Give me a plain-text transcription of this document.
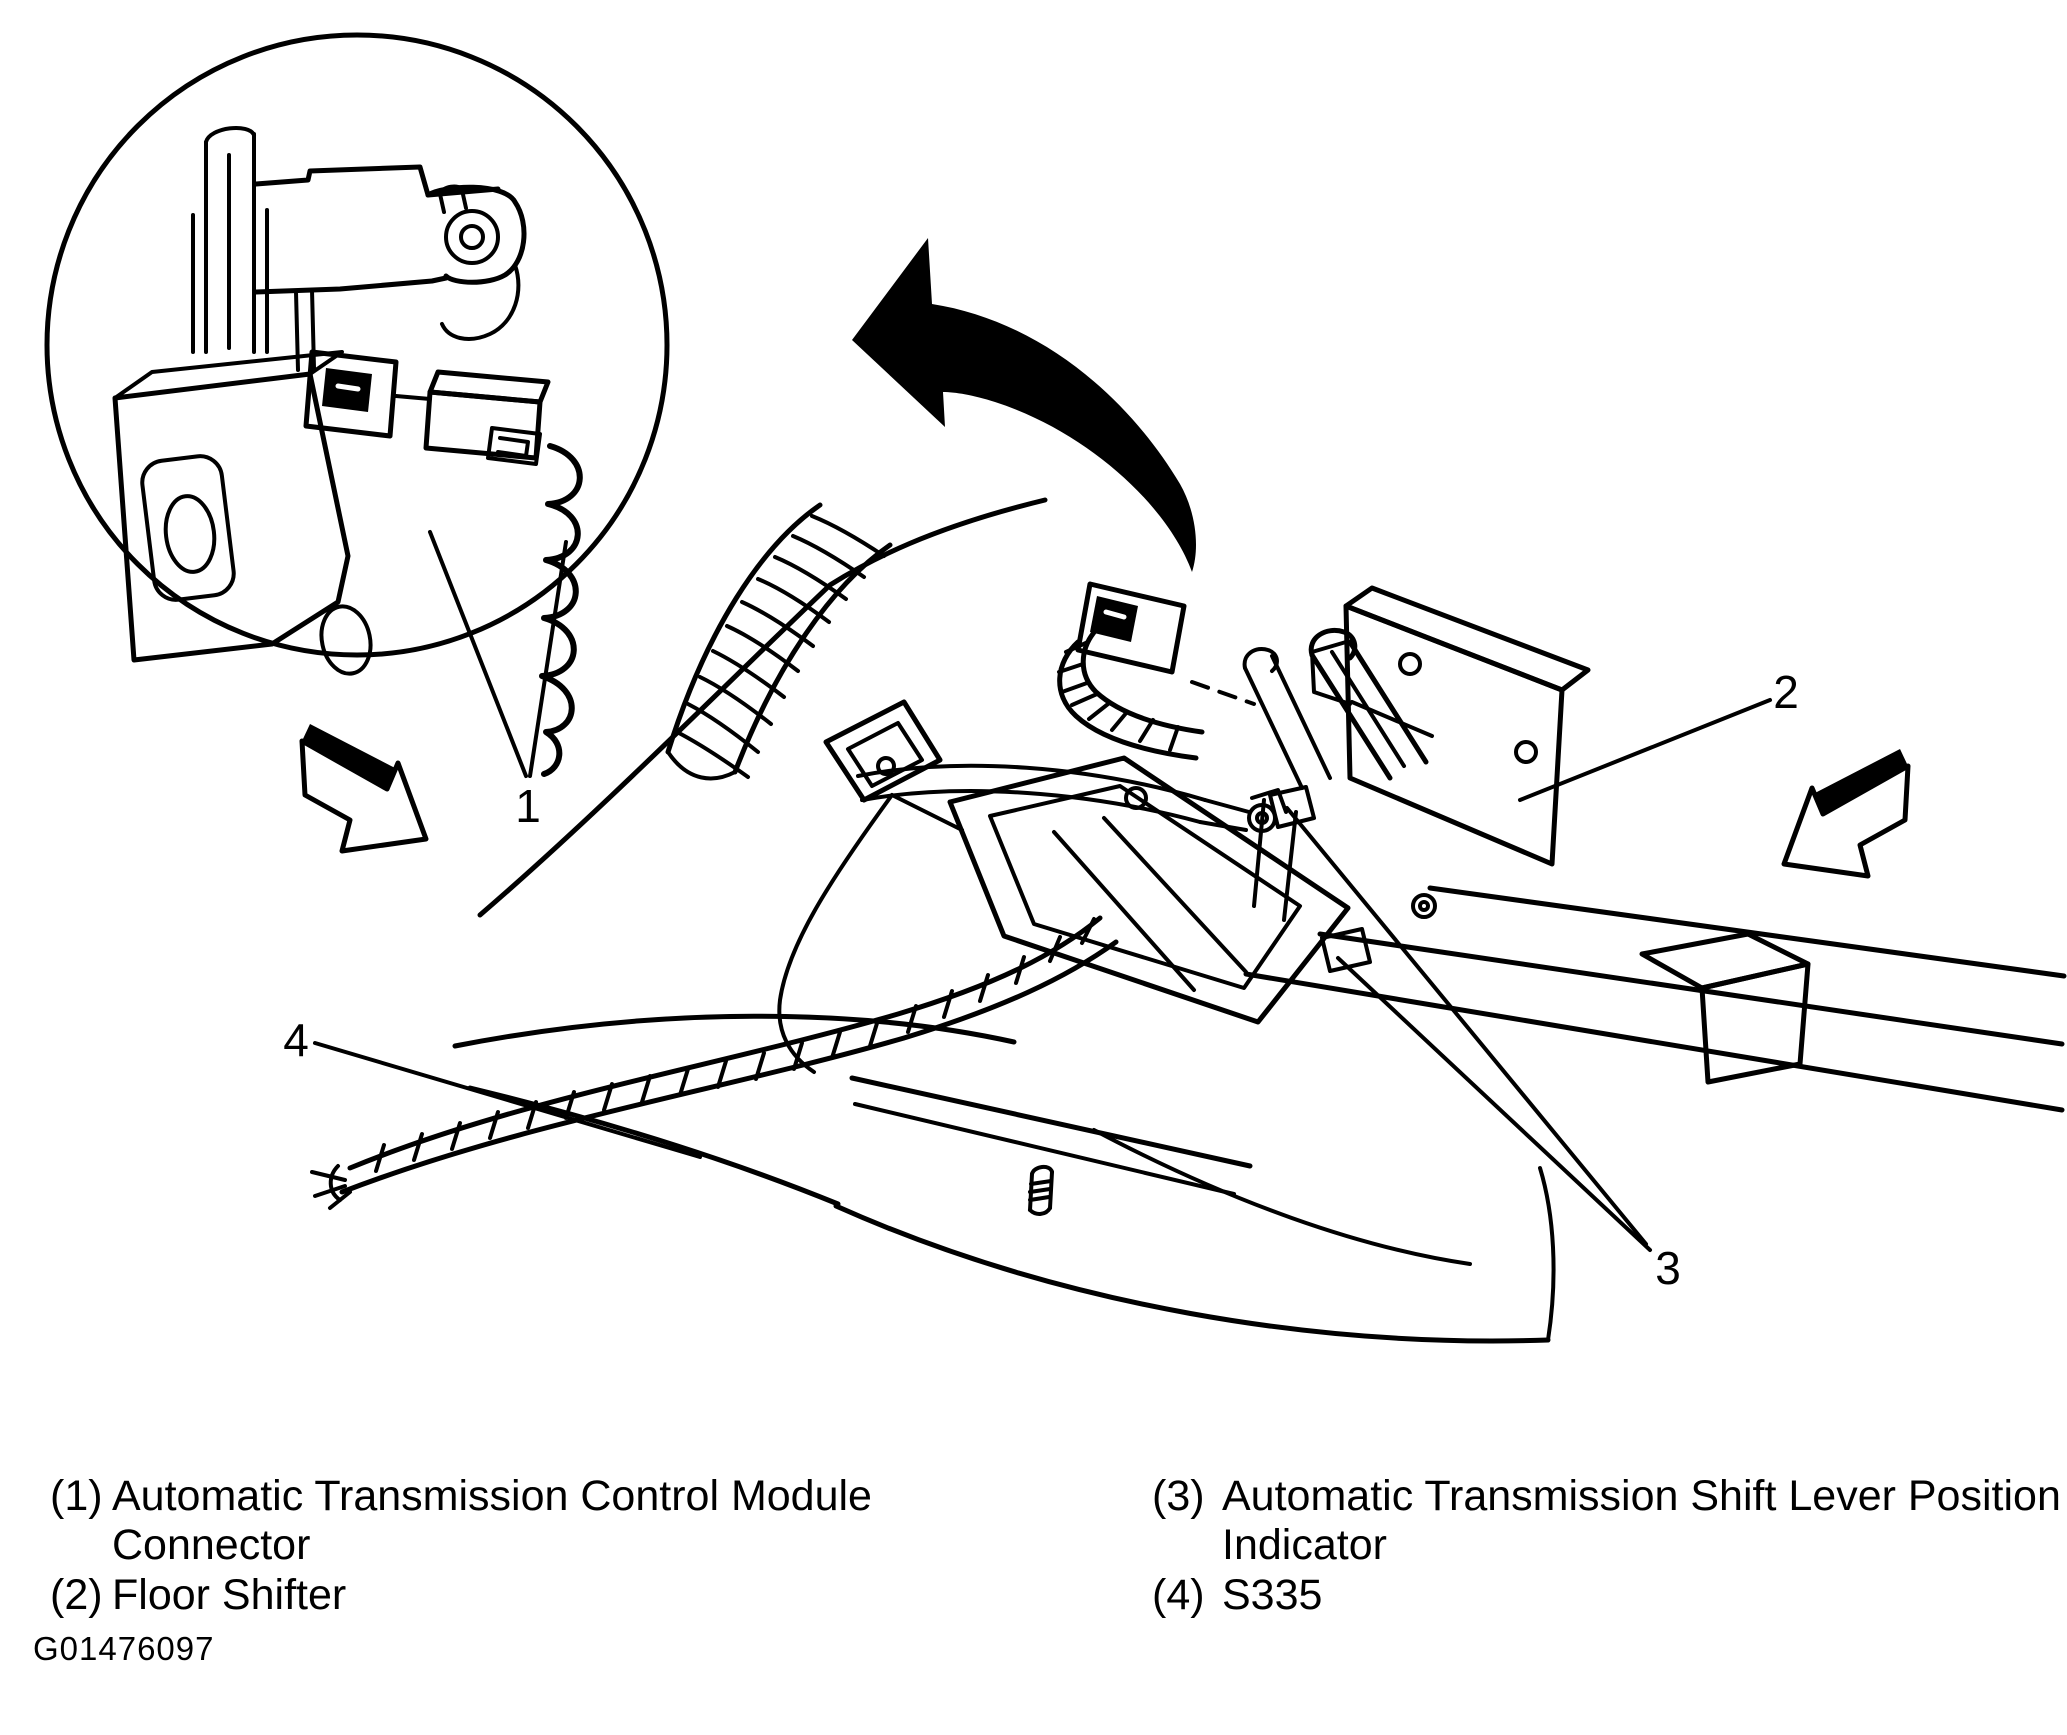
1
2
3
4
(1) Automatic Transmission Control Module
Connector
(2) Floor Shifter
(3) Automatic Transmission Shift Lever Position
Indicator
(4) S335
G01476097
